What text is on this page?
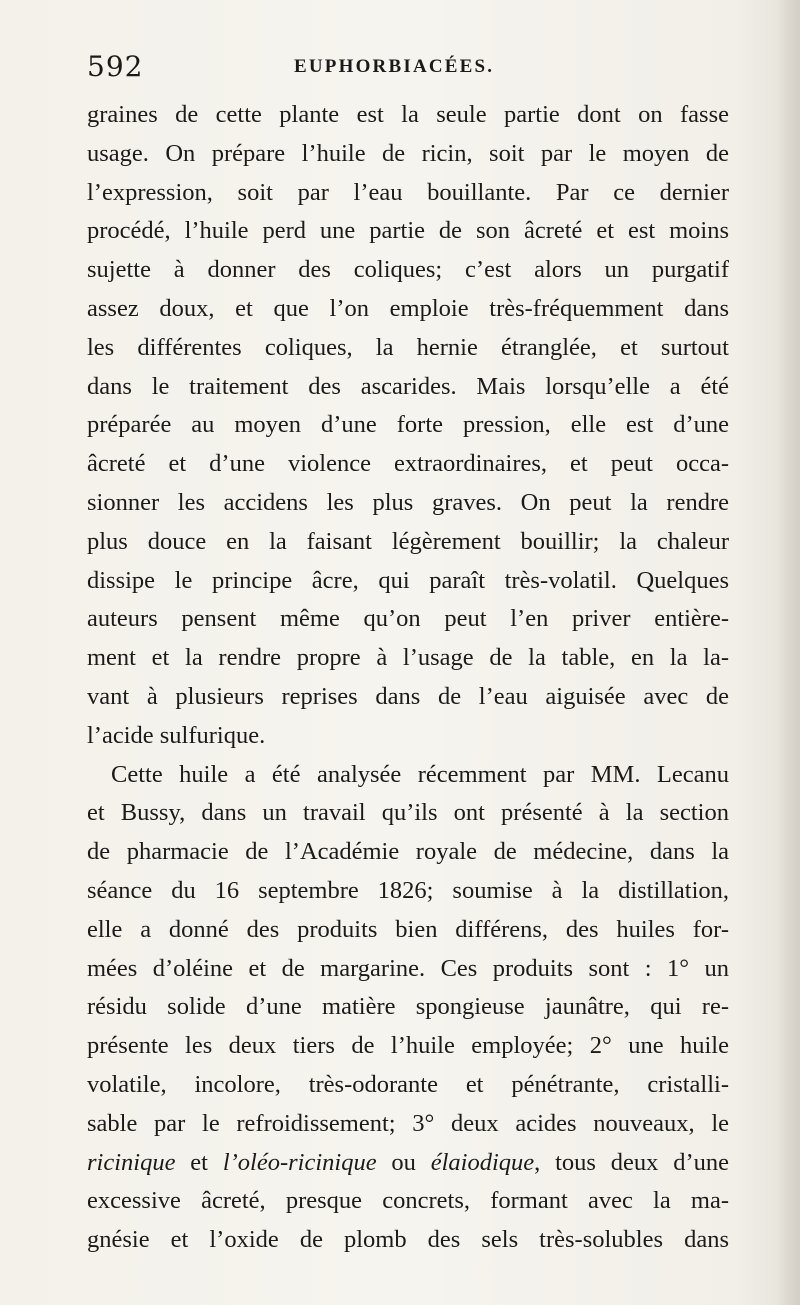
592	EUPHORBIACÉES.
graines de cette plante est la seule partie dont on fasse
usage. On prépare l’huile de ricin, soit par le moyen de
l’expression, soit par l’eau bouillante. Par ce dernier
procédé, l’huile perd une partie de son âcreté et est moins
sujette à donner des coliques; c’est alors un purgatif
assez doux, et que l’on emploie très-fréquemment dans
les différentes coliques, la hernie étranglée, et surtout
dans le traitement des ascarides. Mais lorsqu’elle a été
préparée au moyen d’une forte pression, elle est d’une
âcreté et d’une violence extraordinaires, et peut occa-
sionner les accidens les plus graves. On peut la rendre
plus douce en la faisant légèrement bouillir; la chaleur
dissipe le principe âcre, qui paraît très-volatil. Quelques
auteurs pensent même qu’on peut l’en priver entière-
ment et la rendre propre à l’usage de la table, en la la-
vant à plusieurs reprises dans de l’eau aiguisée avec de
l’acide sulfurique.
Cette huile a été analysée récemment par MM. Lecanu
et Bussy, dans un travail qu’ils ont présenté à la section
de pharmacie de l’Académie royale de médecine, dans la
séance du 16 septembre 1826; soumise à la distillation,
elle a donné des produits bien différens, des huiles for-
mées d’oléine et de margarine. Ces produits sont : 1° un
résidu solide d’une matière spongieuse jaunâtre, qui re-
présente les deux tiers de l’huile employée; 2° une huile
volatile, incolore, très-odorante et pénétrante, cristalli-
sable par le refroidissement; 3° deux acides nouveaux, le
ricinique et l’oléo-ricinique ou élaiodique, tous deux d’une
excessive âcreté, presque concrets, formant avec la ma-
gnésie et l’oxide de plomb des sels très-solubles dans
